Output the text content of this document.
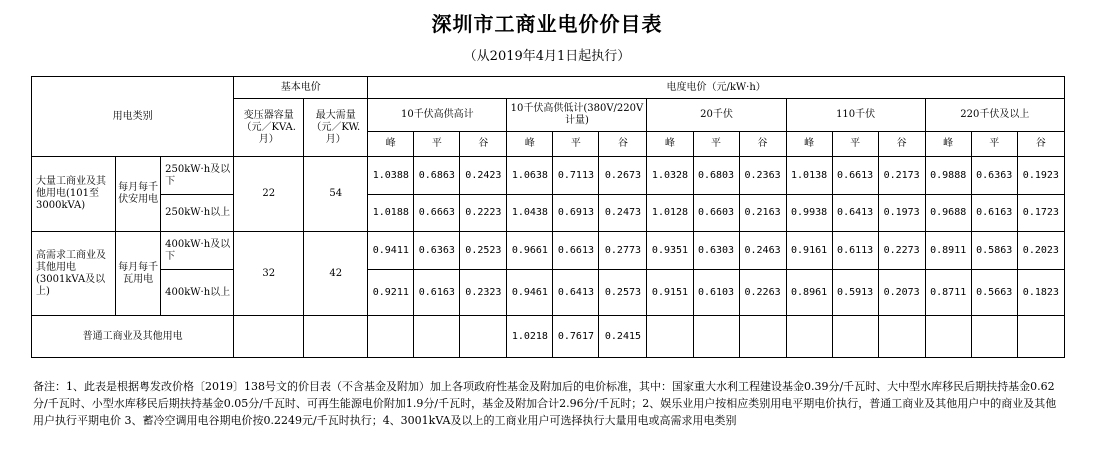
深圳市工商业电价价目表
（从2019年4月1日起执行）
用电类别			基本电价		电度电价（元/kW·h）														
			变压器容量（元／KVA.月）	最大需量（元／KW.月）	10千伏高供高计			10千伏高供低计(380V/220V计量)			20千伏			110千伏			220千伏及以上		
					峰	平	谷	峰	平	谷	峰	平	谷	峰	平	谷	峰	平	谷
大量工商业及其他用电(101至3000kVA)	每月每千伏安用电	250kW·h及以下	22	54	1.0388	0.6863	0.2423	1.0638	0.7113	0.2673	1.0328	0.6803	0.2363	1.0138	0.6613	0.2173	0.9888	0.6363	0.1923
		250kW·h以上			1.0188	0.6663	0.2223	1.0438	0.6913	0.2473	1.0128	0.6603	0.2163	0.9938	0.6413	0.1973	0.9688	0.6163	0.1723
高需求工商业及其他用电(3001kVA及以上)	每月每千瓦用电	400kW·h及以下	32	42	0.9411	0.6363	0.2523	0.9661	0.6613	0.2773	0.9351	0.6303	0.2463	0.9161	0.6113	0.2273	0.8911	0.5863	0.2023
		400kW·h以上			0.9211	0.6163	0.2323	0.9461	0.6413	0.2573	0.9151	0.6103	0.2263	0.8961	0.5913	0.2073	0.8711	0.5663	0.1823
普通工商业及其他用电								1.0218	0.7617	0.2415									
备注：1、此表是根据粤发改价格〔2019〕138号文的价目表（不含基金及附加）加上各项政府性基金及附加后的电价标准，其中：国家重大水利工程建设基金0.39分/千瓦时、大中型水库移民后期扶持基金0.62分/千瓦时、小型水库移民后期扶持基金0.05分/千瓦时、可再生能源电价附加1.9分/千瓦时，基金及附加合计2.96分/千瓦时；2、娱乐业用户按相应类别用电平期电价执行，普通工商业及其他用户中的商业及其他用户执行平期电价 3、蓄冷空调用电谷期电价按0.2249元/千瓦时执行；4、3001kVA及以上的工商业用户可选择执行大量用电或高需求用电类别
